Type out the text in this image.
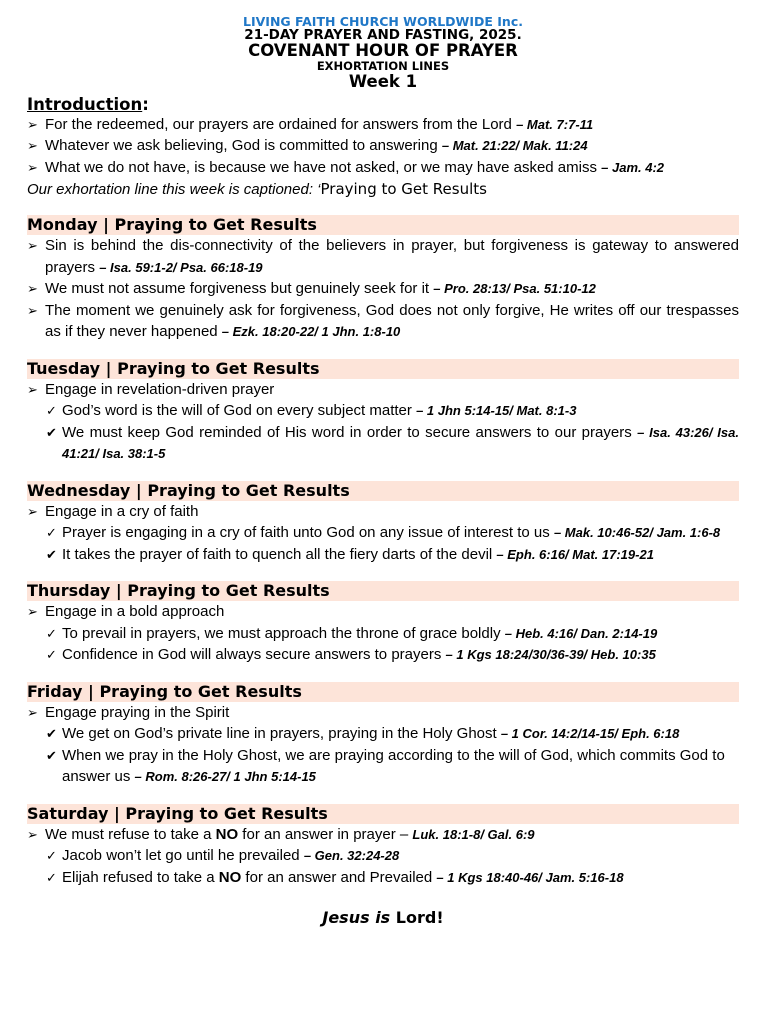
LIVING FAITH CHURCH WORLDWIDE Inc.
21-DAY PRAYER AND FASTING, 2025.
COVENANT HOUR OF PRAYER
EXHORTATION LINES
Week 1
Introduction:
➢ For the redeemed, our prayers are ordained for answers from the Lord – Mat. 7:7-11
➢ Whatever we ask believing, God is committed to answering – Mat. 21:22/ Mak. 11:24
➢ What we do not have, is because we have not asked, or we may have asked amiss – Jam. 4:2
Our exhortation line this week is captioned: ‘Praying to Get Results
Monday | Praying to Get Results
➢ Sin is behind the dis-connectivity of the believers in prayer, but forgiveness is gateway to answered prayers – Isa. 59:1-2/ Psa. 66:18-19
➢ We must not assume forgiveness but genuinely seek for it – Pro. 28:13/ Psa. 51:10-12
➢ The moment we genuinely ask for forgiveness, God does not only forgive, He writes off our trespasses as if they never happened – Ezk. 18:20-22/ 1 Jhn. 1:8-10
Tuesday | Praying to Get Results
➢ Engage in revelation-driven prayer
✓ God’s word is the will of God on every subject matter – 1 Jhn 5:14-15/ Mat. 8:1-3
✔ We must keep God reminded of His word in order to secure answers to our prayers – Isa. 43:26/ Isa. 41:21/ Isa. 38:1-5
Wednesday | Praying to Get Results
➢ Engage in a cry of faith
✓ Prayer is engaging in a cry of faith unto God on any issue of interest to us – Mak. 10:46-52/ Jam. 1:6-8
✔ It takes the prayer of faith to quench all the fiery darts of the devil – Eph. 6:16/ Mat. 17:19-21
Thursday | Praying to Get Results
➢ Engage in a bold approach
✓ To prevail in prayers, we must approach the throne of grace boldly – Heb. 4:16/ Dan. 2:14-19
✓ Confidence in God will always secure answers to prayers – 1 Kgs 18:24/30/36-39/ Heb. 10:35
Friday | Praying to Get Results
➢ Engage praying in the Spirit
✔ We get on God’s private line in prayers, praying in the Holy Ghost – 1 Cor. 14:2/14-15/ Eph. 6:18
✔ When we pray in the Holy Ghost, we are praying according to the will of God, which commits God to answer us – Rom. 8:26-27/ 1 Jhn 5:14-15
Saturday | Praying to Get Results
➢ We must refuse to take a NO for an answer in prayer – Luk. 18:1-8/ Gal. 6:9
✓ Jacob won’t let go until he prevailed – Gen. 32:24-28
✓ Elijah refused to take a NO for an answer and Prevailed – 1 Kgs 18:40-46/ Jam. 5:16-18
Jesus is Lord!
